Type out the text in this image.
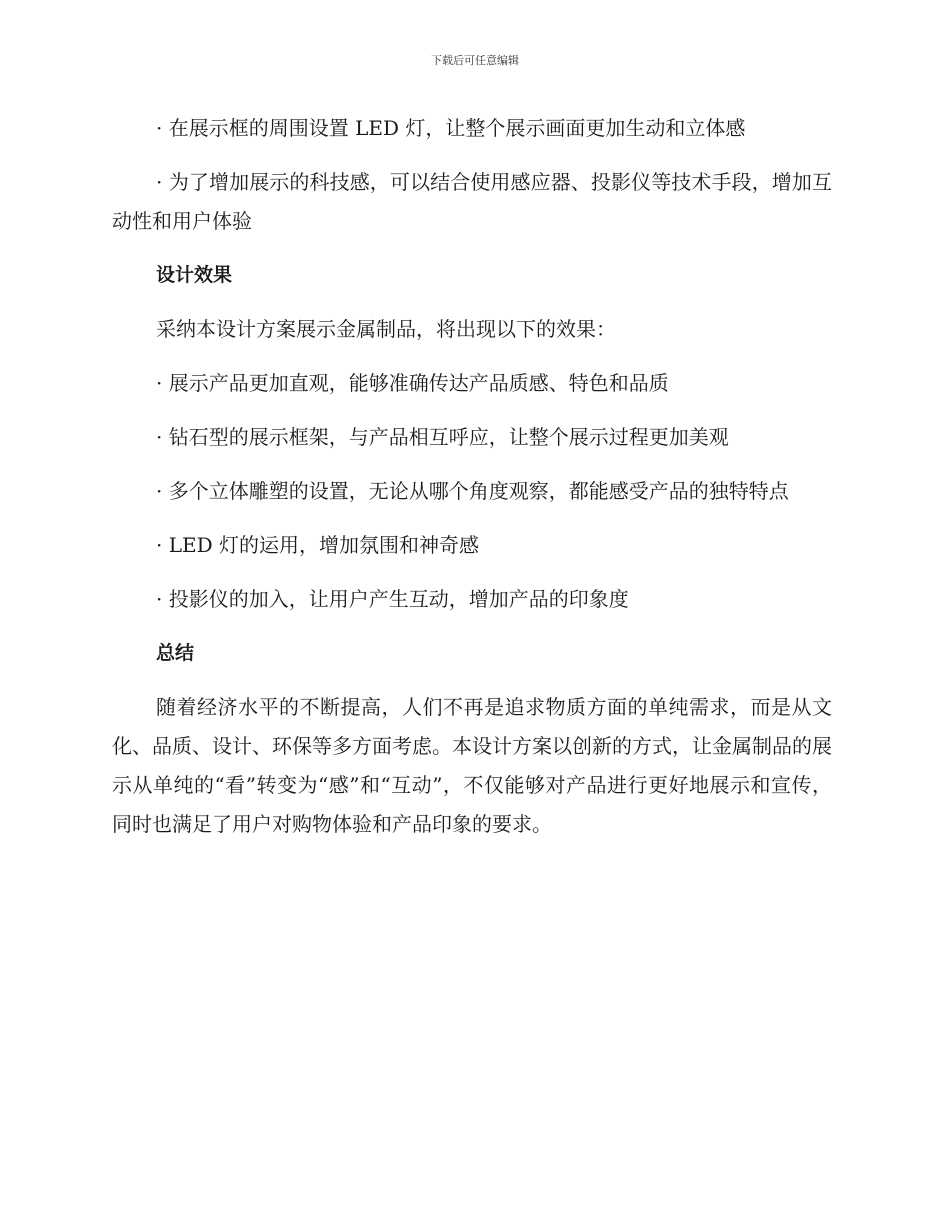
下载后可任意编辑

· 在展示框的周围设置 LED 灯，让整个展示画面更加生动和立体感

· 为了增加展示的科技感，可以结合使用感应器、投影仪等技术手段，增加互动性和用户体验

设计效果

采纳本设计方案展示金属制品，将出现以下的效果：

· 展示产品更加直观，能够准确传达产品质感、特色和品质

· 钻石型的展示框架，与产品相互呼应，让整个展示过程更加美观

· 多个立体雕塑的设置，无论从哪个角度观察，都能感受产品的独特特点

· LED 灯的运用，增加氛围和神奇感

· 投影仪的加入，让用户产生互动，增加产品的印象度

总结

随着经济水平的不断提高，人们不再是追求物质方面的单纯需求，而是从文化、品质、设计、环保等多方面考虑。本设计方案以创新的方式，让金属制品的展示从单纯的“看”转变为“感”和“互动”，不仅能够对产品进行更好地展示和宣传，同时也满足了用户对购物体验和产品印象的要求。
